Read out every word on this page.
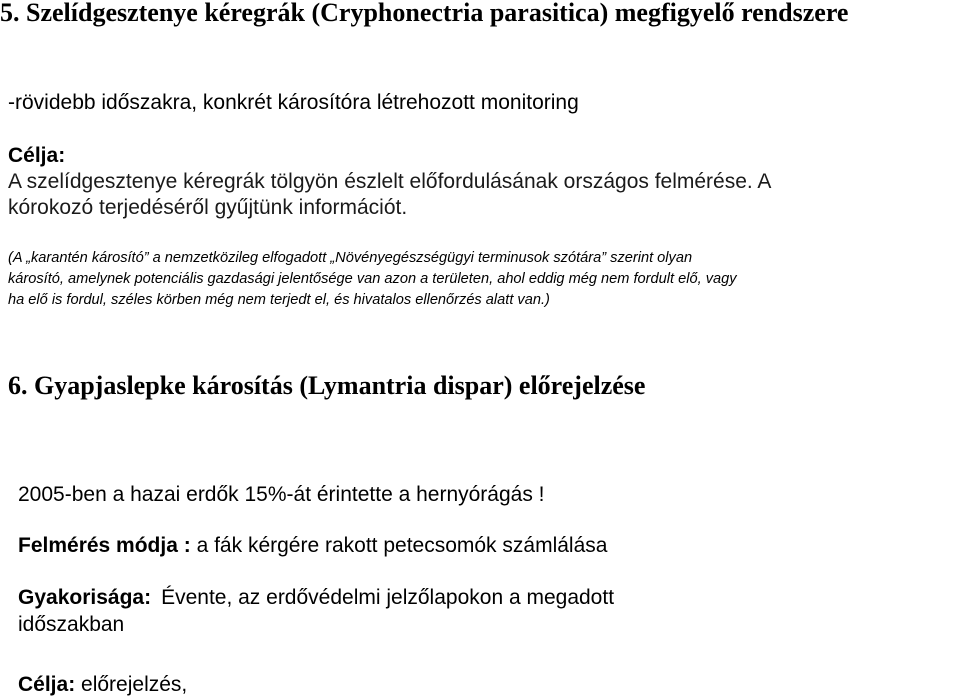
5. Szelídgesztenye kéregrák (Cryphonectria parasitica) megfigyelő rendszere

-rövidebb időszakra, konkrét károsítóra létrehozott monitoring

Célja:
A szelídgesztenye kéregrák tölgyön észlelt előfordulásának országos felmérése. A
kórokozó terjedéséről gyűjtünk információt.
(A „karantén károsító” a nemzetközileg elfogadott „Növényegészségügyi terminusok szótára” szerint olyan
károsító, amelynek potenciális gazdasági jelentősége van azon a területen, ahol eddig még nem fordult elő, vagy
ha elő is fordul, széles körben még nem terjedt el, és hivatalos ellenőrzés alatt van.)
6. Gyapjaslepke károsítás (Lymantria dispar) előrejelzése

2005-ben a hazai erdők 15%-át érintette a hernyórágás !

Felmérés módja : a fák kérgére rakott petecsomók számlálása

Gyakorisága: Évente, az erdővédelmi jelzőlapokon a megadott
időszakban

Célja: előrejelzés,
